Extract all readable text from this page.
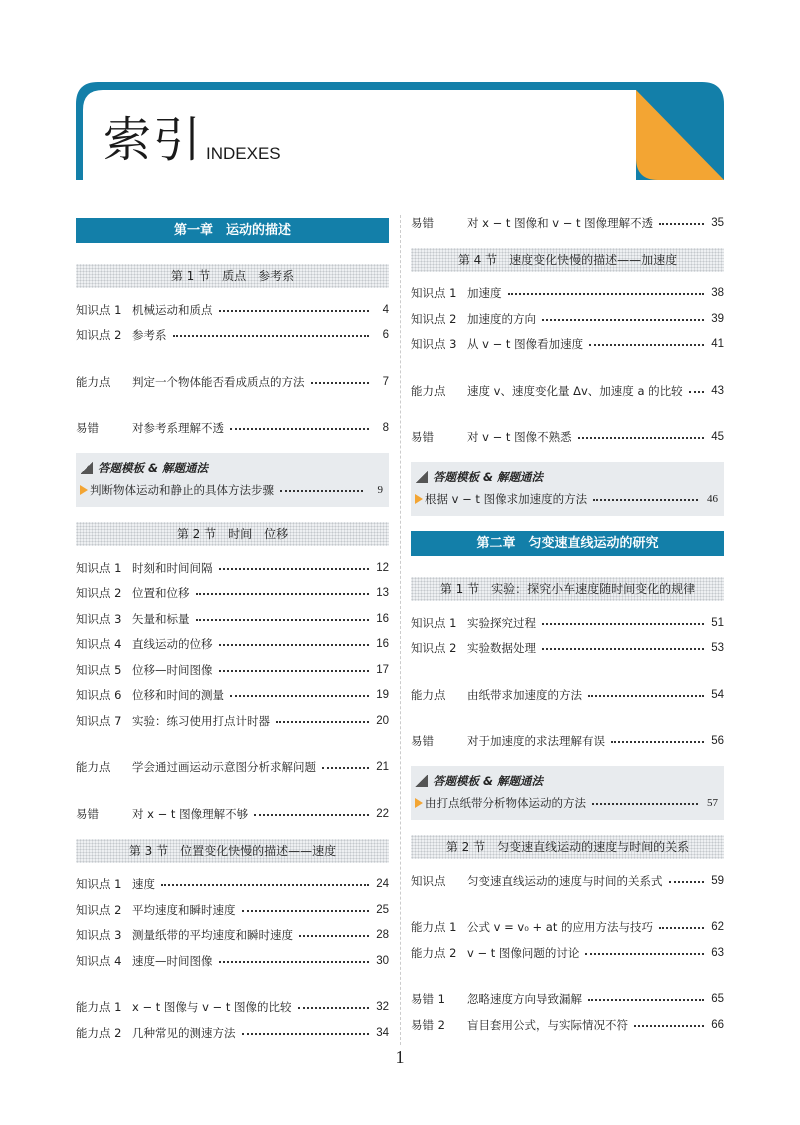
索引 INDEXES
第一章　运动的描述
第 1 节　质点　参考系
知识点 1 机械运动和质点	4
知识点 2 参考系	6
能力点	判定一个物体能否看成质点的方法	7
易错	对参考系理解不透	8
答题模板 & 解题通法
判断物体运动和静止的具体方法步骤	9
第 2 节　时间　位移
知识点 1 时刻和时间间隔	12
知识点 2 位置和位移	13
知识点 3 矢量和标量	16
知识点 4 直线运动的位移	16
知识点 5 位移—时间图像	17
知识点 6 位移和时间的测量	19
知识点 7 实验：练习使用打点计时器	20
能力点	学会通过画运动示意图分析求解问题	21
易错	对 x − t 图像理解不够	22
第 3 节　位置变化快慢的描述——速度
知识点 1 速度	24
知识点 2 平均速度和瞬时速度	25
知识点 3 测量纸带的平均速度和瞬时速度	28
知识点 4 速度—时间图像	30
能力点 1 x − t 图像与 v − t 图像的比较	32
能力点 2 几种常见的测速方法	34
易错	对 x − t 图像和 v − t 图像理解不透	35
第 4 节　速度变化快慢的描述——加速度
知识点 1 加速度	38
知识点 2 加速度的方向	39
知识点 3 从 v − t 图像看加速度	41
能力点	速度 v、速度变化量 Δv、加速度 a 的比较 43
易错	对 v − t 图像不熟悉	45
答题模板 & 解题通法
根据 v − t 图像求加速度的方法	46
第二章　匀变速直线运动的研究
第 1 节　实验：探究小车速度随时间变化的规律
知识点 1 实验探究过程	51
知识点 2 实验数据处理	53
能力点	由纸带求加速度的方法	54
易错	对于加速度的求法理解有误	56
答题模板 & 解题通法
由打点纸带分析物体运动的方法	57
第 2 节　匀变速直线运动的速度与时间的关系
知识点	匀变速直线运动的速度与时间的关系式	59
能力点 1 公式 v = v₀ + at 的应用方法与技巧	62
能力点 2 v − t 图像问题的讨论	63
易错 1	忽略速度方向导致漏解	65
易错 2	盲目套用公式，与实际情况不符	66
1
